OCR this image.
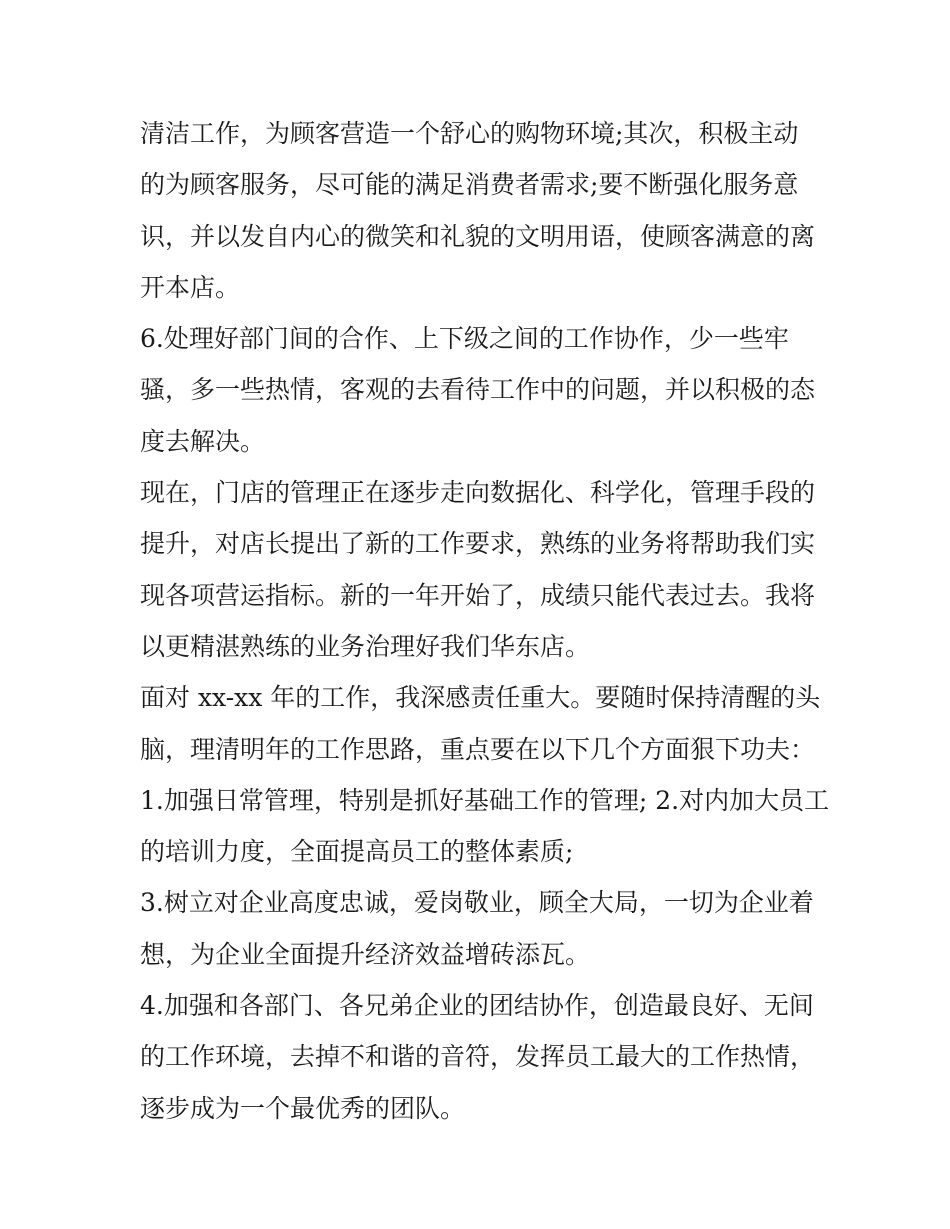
清洁工作，为顾客营造一个舒心的购物环境;其次，积极主动
的为顾客服务，尽可能的满足消费者需求;要不断强化服务意
识，并以发自内心的微笑和礼貌的文明用语，使顾客满意的离
开本店。
6.处理好部门间的合作、上下级之间的工作协作，少一些牢
骚，多一些热情，客观的去看待工作中的问题，并以积极的态
度去解决。
现在，门店的管理正在逐步走向数据化、科学化，管理手段的
提升，对店长提出了新的工作要求，熟练的业务将帮助我们实
现各项营运指标。新的一年开始了，成绩只能代表过去。我将
以更精湛熟练的业务治理好我们华东店。
面对 xx-xx 年的工作，我深感责任重大。要随时保持清醒的头
脑，理清明年的工作思路，重点要在以下几个方面狠下功夫：
1.加强日常管理，特别是抓好基础工作的管理; 2.对内加大员工
的培训力度，全面提高员工的整体素质;
3.树立对企业高度忠诚，爱岗敬业，顾全大局，一切为企业着
想，为企业全面提升经济效益增砖添瓦。
4.加强和各部门、各兄弟企业的团结协作，创造最良好、无间
的工作环境，去掉不和谐的音符，发挥员工最大的工作热情，
逐步成为一个最优秀的团队。
